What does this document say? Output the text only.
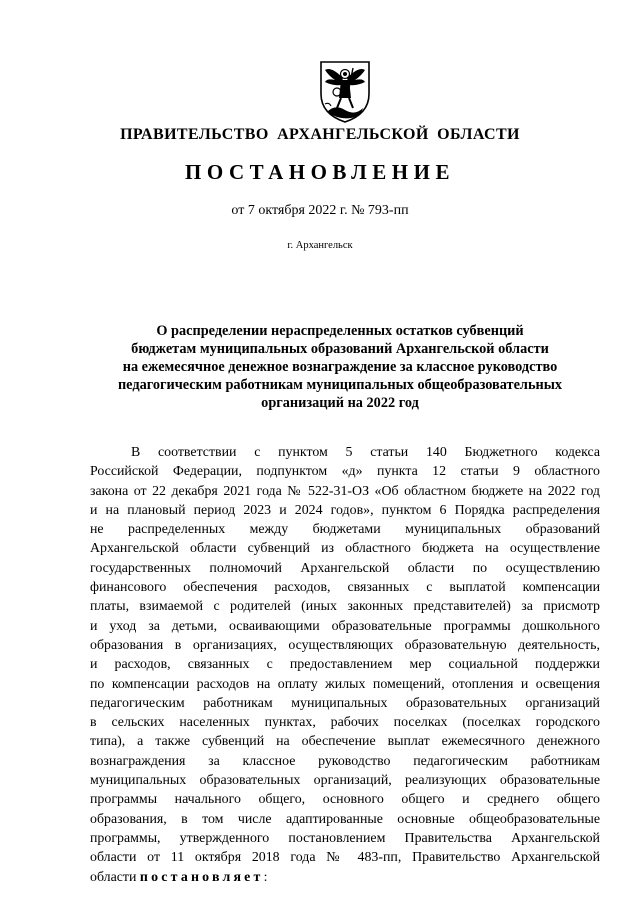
ПРАВИТЕЛЬСТВО АРХАНГЕЛЬСКОЙ ОБЛАСТИ
ПОСТАНОВЛЕНИЕ
от 7 октября 2022 г. № 793-пп
г. Архангельск
О распределении нераспределенных остатков субвенций
бюджетам муниципальных образований Архангельской области
на ежемесячное денежное вознаграждение за классное руководство
педагогическим работникам муниципальных общеобразовательных
организаций на 2022 год
В соответствии с пунктом 5 статьи 140 Бюджетного кодекса
Российской Федерации, подпунктом «д» пункта 12 статьи 9 областного
закона от 22 декабря 2021 года № 522-31-ОЗ «Об областном бюджете на 2022 год
и на плановый период 2023 и 2024 годов», пунктом 6 Порядка распределения
не распределенных между бюджетами муниципальных образований
Архангельской области субвенций из областного бюджета на осуществление
государственных полномочий Архангельской области по осуществлению
финансового обеспечения расходов, связанных с выплатой компенсации
платы, взимаемой с родителей (иных законных представителей) за присмотр
и уход за детьми, осваивающими образовательные программы дошкольного
образования в организациях, осуществляющих образовательную деятельность,
и расходов, связанных с предоставлением мер социальной поддержки
по компенсации расходов на оплату жилых помещений, отопления и освещения
педагогическим работникам муниципальных образовательных организаций
в сельских населенных пунктах, рабочих поселках (поселках городского
типа), а также субвенций на обеспечение выплат ежемесячного денежного
вознаграждения за классное руководство педагогическим работникам
муниципальных образовательных организаций, реализующих образовательные
программы начального общего, основного общего и среднего общего
образования, в том числе адаптированные основные общеобразовательные
программы, утвержденного постановлением Правительства Архангельской
области от 11 октября 2018 года № 483-пп, Правительство Архангельской
области постановляет:
